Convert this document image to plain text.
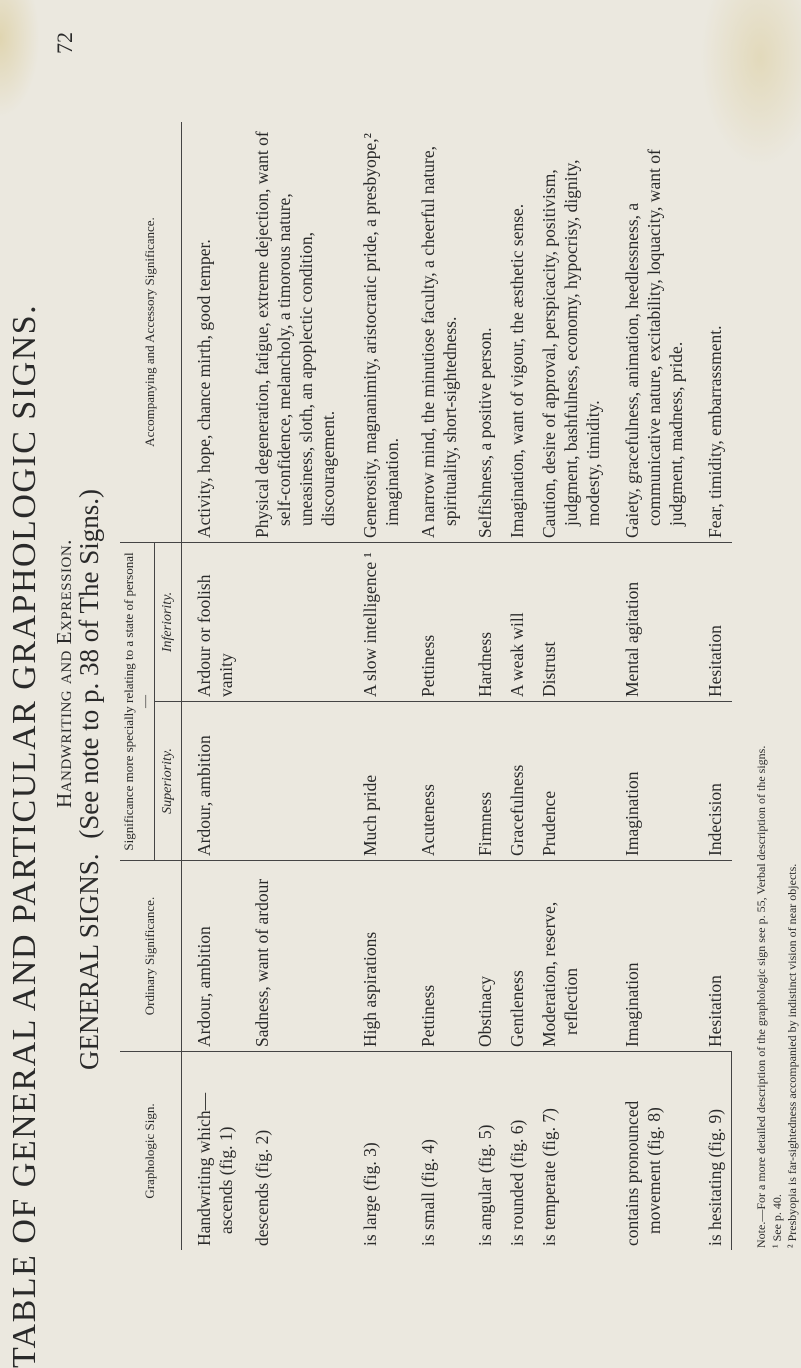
72
Handwriting and Expression.
TABLE OF GENERAL AND PARTICULAR GRAPHOLOGIC SIGNS. GENERAL SIGNS. (See note to p. 38 of The Signs.)
Graphologic Sign.	Ordinary Significance.	Significance more specially relating to a state of personal—		Accompanying and Accessory Significance.
		Superiority.	Inferiority.	
Handwriting which— ascends (fig. 1)	Ardour, ambition	Ardour, ambition	Ardour or foolish vanity	Activity, hope, chance mirth, good temper.
descends (fig. 2)	Sadness, want of ardour			Physical degeneration, fatigue, extreme dejection, want of self-confidence, melancholy, a timorous nature, uneasiness, sloth, an apoplectic condition, discouragement.
is large (fig. 3)	High aspirations	Much pride	A slow intelligence ¹	Generosity, magnanimity, aristocratic pride, a presbyope,² imagination.
is small (fig. 4)	Pettiness	Acuteness	Pettiness	A narrow mind, the minutiose faculty, a cheerful nature, spirituality, short-sightedness.
is angular (fig. 5)	Obstinacy	Firmness	Hardness	Selfishness, a positive person.
is rounded (fig. 6)	Gentleness	Gracefulness	A weak will	Imagination, want of vigour, the æsthetic sense.
is temperate (fig. 7)	Moderation, reserve, reflection	Prudence	Distrust	Caution, desire of approval, perspicacity, positivism, judgment, bashfulness, economy, hypocrisy, dignity, modesty, timidity.
contains pronounced movement (fig. 8)	Imagination	Imagination	Mental agitation	Gaiety, gracefulness, animation, heedlessness, a communicative nature, excitability, loquacity, want of judgment, madness, pride.
is hesitating (fig. 9)	Hesitation	Indecision	Hesitation	Fear, timidity, embarrassment.
Note.—For a more detailed description of the graphologic sign see p. 55, Verbal description of the signs. ¹ See p. 40. ² Presbyopia is far-sightedness accompanied by indistinct vision of near objects.
